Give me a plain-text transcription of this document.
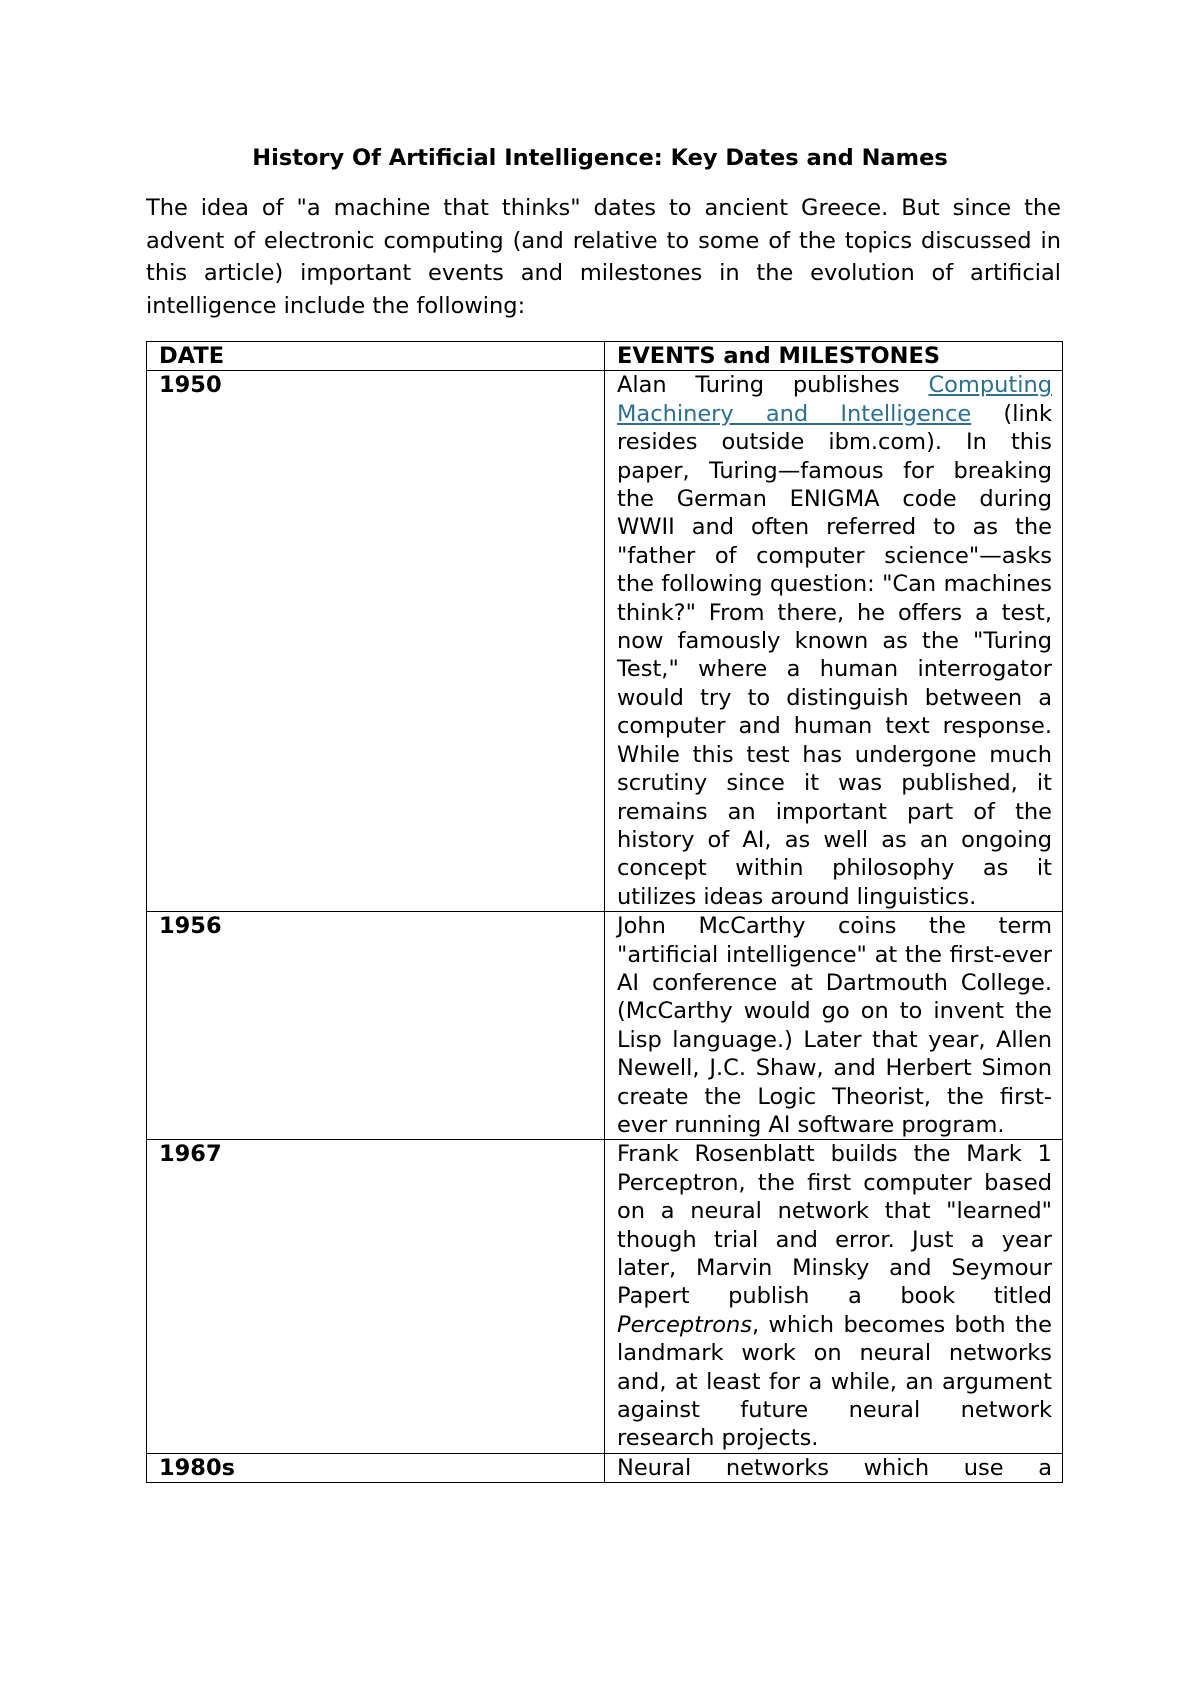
History Of Artificial Intelligence: Key Dates and Names

The idea of "a machine that thinks" dates to ancient Greece. But since the advent of electronic computing (and relative to some of the topics discussed in this article) important events and milestones in the evolution of artificial intelligence include the following:

DATE	EVENTS and MILESTONES
1950	Alan Turing publishes Computing Machinery and Intelligence (link resides outside ibm.com). In this paper, Turing—famous for breaking the German ENIGMA code during WWII and often referred to as the "father of computer science"—asks the following question: "Can machines think?" From there, he offers a test, now famously known as the "Turing Test," where a human interrogator would try to distinguish between a computer and human text response. While this test has undergone much scrutiny since it was published, it remains an important part of the history of AI, as well as an ongoing concept within philosophy as it utilizes ideas around linguistics.
1956	John McCarthy coins the term "artificial intelligence" at the first-ever AI conference at Dartmouth College. (McCarthy would go on to invent the Lisp language.) Later that year, Allen Newell, J.C. Shaw, and Herbert Simon create the Logic Theorist, the first-ever running AI software program.
1967	Frank Rosenblatt builds the Mark 1 Perceptron, the first computer based on a neural network that "learned" though trial and error. Just a year later, Marvin Minsky and Seymour Papert publish a book titled Perceptrons, which becomes both the landmark work on neural networks and, at least for a while, an argument against future neural network research projects.
1980s	Neural networks which use a
